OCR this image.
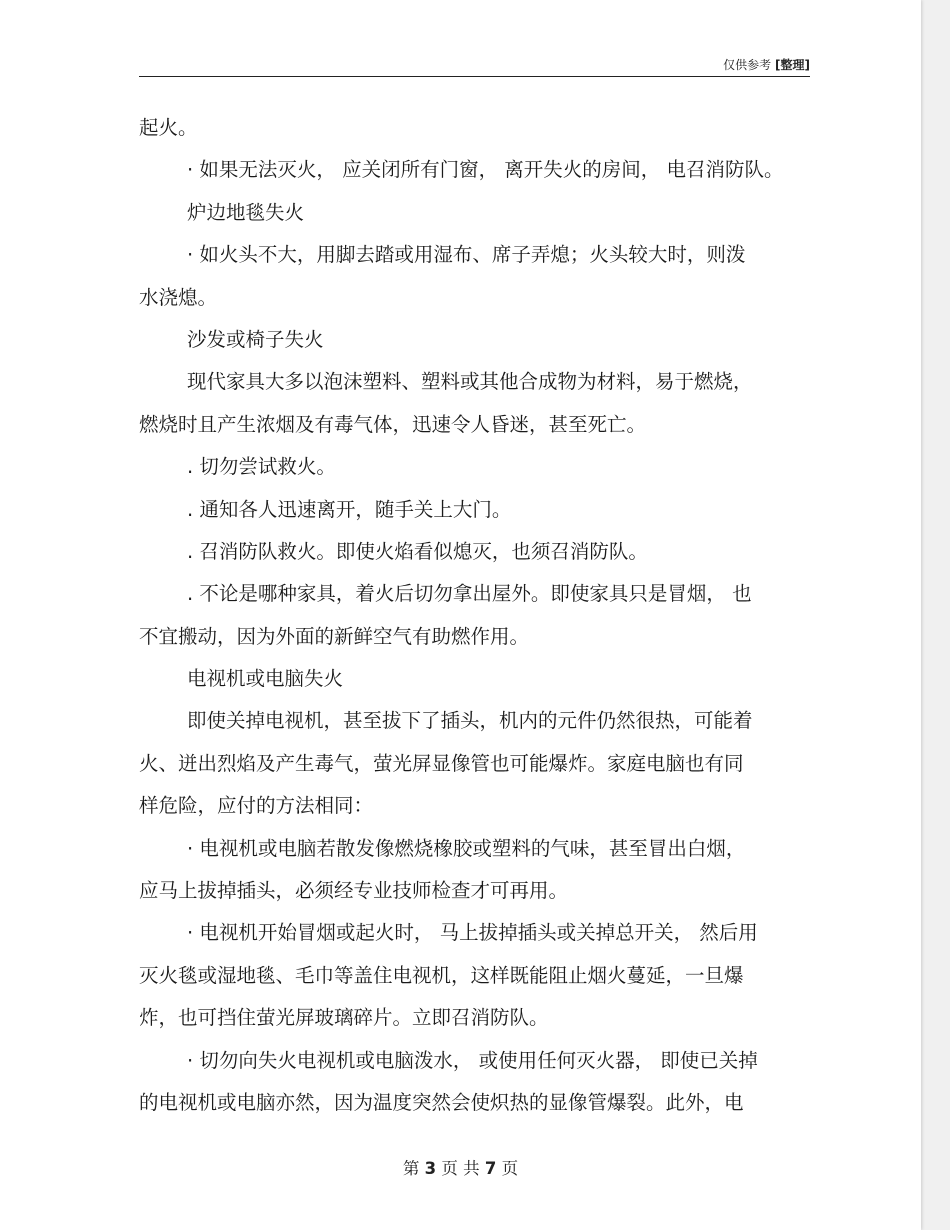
仅供参考 [整理]
起火。
· 如果无法灭火， 应关闭所有门窗， 离开失火的房间， 电召消防队。
炉边地毯失火
· 如火头不大，用脚去踏或用湿布、席子弄熄；火头较大时，则泼
水浇熄。
沙发或椅子失火
现代家具大多以泡沫塑料、塑料或其他合成物为材料，易于燃烧，
燃烧时且产生浓烟及有毒气体，迅速令人昏迷，甚至死亡。
. 切勿尝试救火。
. 通知各人迅速离开，随手关上大门。
. 召消防队救火。即使火焰看似熄灭，也须召消防队。
. 不论是哪种家具，着火后切勿拿出屋外。即使家具只是冒烟， 也
不宜搬动，因为外面的新鲜空气有助燃作用。
电视机或电脑失火
即使关掉电视机，甚至拔下了插头，机内的元件仍然很热，可能着
火、迸出烈焰及产生毒气，萤光屏显像管也可能爆炸。家庭电脑也有同
样危险，应付的方法相同：
· 电视机或电脑若散发像燃烧橡胶或塑料的气味，甚至冒出白烟，
应马上拔掉插头，必须经专业技师检查才可再用。
· 电视机开始冒烟或起火时， 马上拔掉插头或关掉总开关， 然后用
灭火毯或湿地毯、毛巾等盖住电视机，这样既能阻止烟火蔓延，一旦爆
炸，也可挡住萤光屏玻璃碎片。立即召消防队。
· 切勿向失火电视机或电脑泼水， 或使用任何灭火器， 即使已关掉
的电视机或电脑亦然，因为温度突然会使炽热的显像管爆裂。此外，电
第 3 页 共 7 页
